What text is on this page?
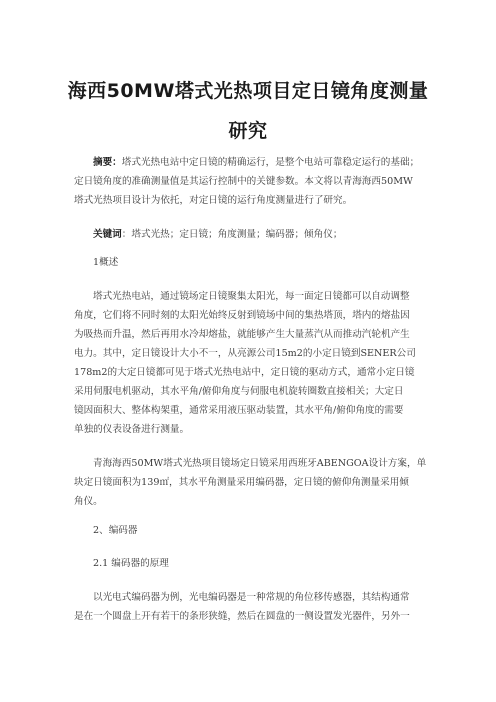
海西50MW塔式光热项目定日镜角度测量
研究
摘要：塔式光热电站中定日镜的精确运行，是整个电站可靠稳定运行的基础；
定日镜角度的准确测量值是其运行控制中的关键参数。本文将以青海海西50MW
塔式光热项目设计为依托，对定日镜的运行角度测量进行了研究。
关键词：塔式光热；定日镜；角度测量；编码器；倾角仪；
1概述
塔式光热电站，通过镜场定日镜聚集太阳光，每一面定日镜都可以自动调整
角度，它们将不同时刻的太阳光始终反射到镜场中间的集热塔顶，塔内的熔盐因
为吸热而升温，然后再用水冷却熔盐，就能够产生大量蒸汽从而推动汽轮机产生
电力。其中，定日镜设计大小不一，从亮源公司15m2的小定日镜到SENER公司
178m2的大定日镜都可见于塔式光热电站中，定日镜的驱动方式，通常小定日镜
采用伺服电机驱动，其水平角/俯仰角度与伺服电机旋转圈数直接相关；大定日
镜因面积大、整体构架重，通常采用液压驱动装置，其水平角/俯仰角度的需要
单独的仪表设备进行测量。
青海海西50MW塔式光热项目镜场定日镜采用西班牙ABENGOA设计方案，单
块定日镜面积为139㎡，其水平角测量采用编码器，定日镜的俯仰角测量采用倾
角仪。
2、编码器
2.1 编码器的原理
以光电式编码器为例，光电编码器是一种常规的角位移传感器，其结构通常
是在一个圆盘上开有若干的条形狭缝，然后在圆盘的一侧设置发光器件，另外一
